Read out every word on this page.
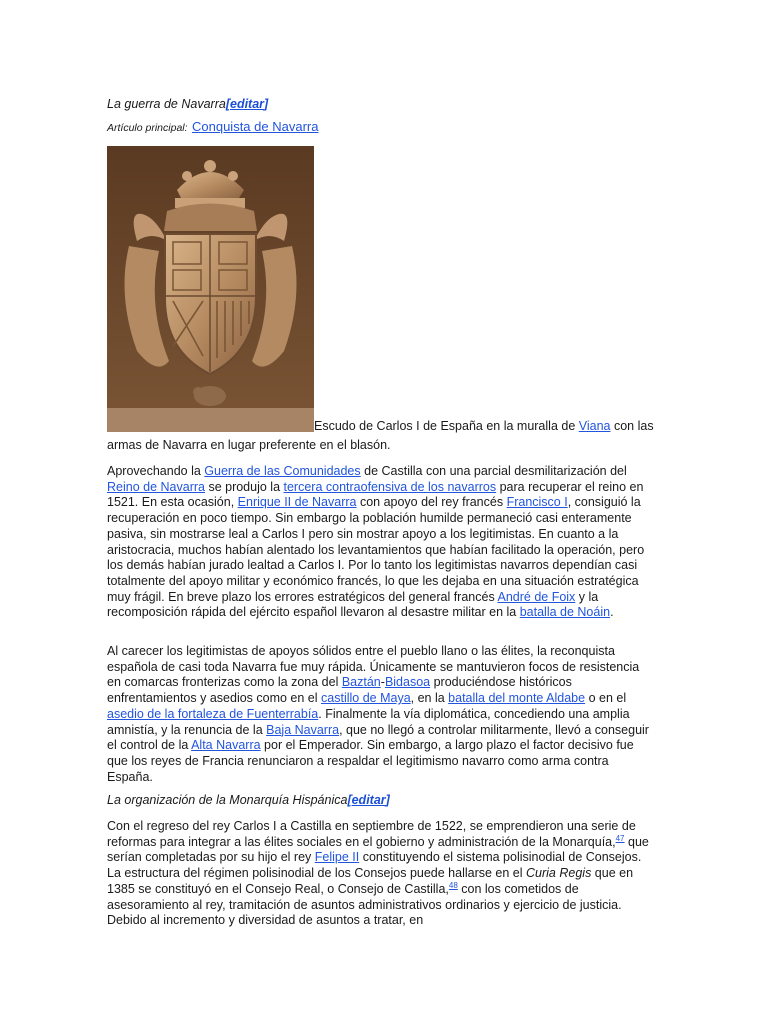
La guerra de Navarra[editar]
Artículo principal: Conquista de Navarra
Escudo de Carlos I de España en la muralla de Viana con las armas de Navarra en lugar preferente en el blasón.

Aprovechando la Guerra de las Comunidades de Castilla con una parcial desmilitarización del Reino de Navarra se produjo la tercera contraofensiva de los navarros para recuperar el reino en 1521. En esta ocasión, Enrique II de Navarra con apoyo del rey francés Francisco I, consiguió la recuperación en poco tiempo. Sin embargo la población humilde permaneció casi enteramente pasiva, sin mostrarse leal a Carlos I pero sin mostrar apoyo a los legitimistas. En cuanto a la aristocracia, muchos habían alentado los levantamientos que habían facilitado la operación, pero los demás habían jurado lealtad a Carlos I. Por lo tanto los legitimistas navarros dependían casi totalmente del apoyo militar y económico francés, lo que les dejaba en una situación estratégica muy frágil. En breve plazo los errores estratégicos del general francés André de Foix y la recomposición rápida del ejército español llevaron al desastre militar en la batalla de Noáin.

Al carecer los legitimistas de apoyos sólidos entre el pueblo llano o las élites, la reconquista española de casi toda Navarra fue muy rápida. Únicamente se mantuvieron focos de resistencia en comarcas fronterizas como la zona del Baztán-Bidasoa produciéndose históricos enfrentamientos y asedios como en el castillo de Maya, en la batalla del monte Aldabe o en el asedio de la fortaleza de Fuenterrabía. Finalmente la vía diplomática, concediendo una amplia amnistía, y la renuncia de la Baja Navarra, que no llegó a controlar militarmente, llevó a conseguir el control de la Alta Navarra por el Emperador. Sin embargo, a largo plazo el factor decisivo fue que los reyes de Francia renunciaron a respaldar el legitimismo navarro como arma contra España.

La organización de la Monarquía Hispánica[editar]

Con el regreso del rey Carlos I a Castilla en septiembre de 1522, se emprendieron una serie de reformas para integrar a las élites sociales en el gobierno y administración de la Monarquía,$^{47}$ que serían completadas por su hijo el rey Felipe II constituyendo el sistema polisinodial de Consejos. La estructura del régimen polisinodial de los Consejos puede hallarse en el Curia Regis que en 1385 se constituyó en el Consejo Real, o Consejo de Castilla,$^{48}$ con los cometidos de asesoramiento al rey, tramitación de asuntos administrativos ordinarios y ejercicio de justicia. Debido al incremento y diversidad de asuntos a tratar, en
